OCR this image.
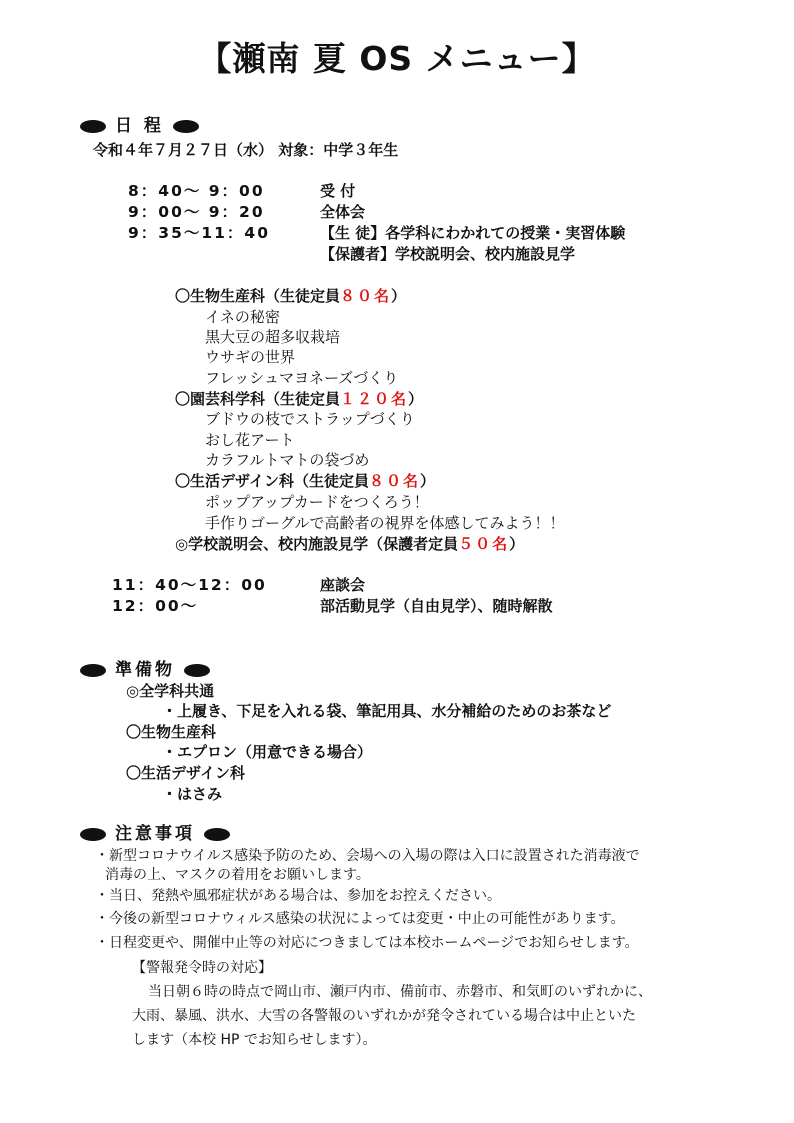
【瀬南 夏 OS メニュー】
日 程
令和４年７月２７日（水） 対象：中学３年生
8：40～ 9：00	受 付
9：00～ 9：20	全体会
9：35～11：40	【生 徒】各学科にわかれての授業・実習体験
【保護者】学校説明会、校内施設見学
〇生物生産科（生徒定員８０名）
イネの秘密
黒大豆の超多収栽培
ウサギの世界
フレッシュマヨネーズづくり
〇園芸科学科（生徒定員１２０名）
ブドウの枝でストラップづくり
おし花アート
カラフルトマトの袋づめ
〇生活デザイン科（生徒定員８０名）
ポップアップカードをつくろう！
手作りゴーグルで高齢者の視界を体感してみよう！！
◎学校説明会、校内施設見学（保護者定員５０名）
11：40～12：00	座談会
12：00～	部活動見学（自由見学）、随時解散
準備物
◎全学科共通
・上履き、下足を入れる袋、筆記用具、水分補給のためのお茶など
〇生物生産科
・エプロン（用意できる場合）
〇生活デザイン科
・はさみ
注意事項
・新型コロナウイルス感染予防のため、会場への入場の際は入口に設置された消毒液で
消毒の上、マスクの着用をお願いします。
・当日、発熱や風邪症状がある場合は、参加をお控えください。
・今後の新型コロナウィルス感染の状況によっては変更・中止の可能性があります。
・日程変更や、開催中止等の対応につきましては本校ホームページでお知らせします。
【警報発令時の対応】
当日朝６時の時点で岡山市、瀬戸内市、備前市、赤磐市、和気町のいずれかに、
大雨、暴風、洪水、大雪の各警報のいずれかが発令されている場合は中止といた
します（本校 HP でお知らせします）。
